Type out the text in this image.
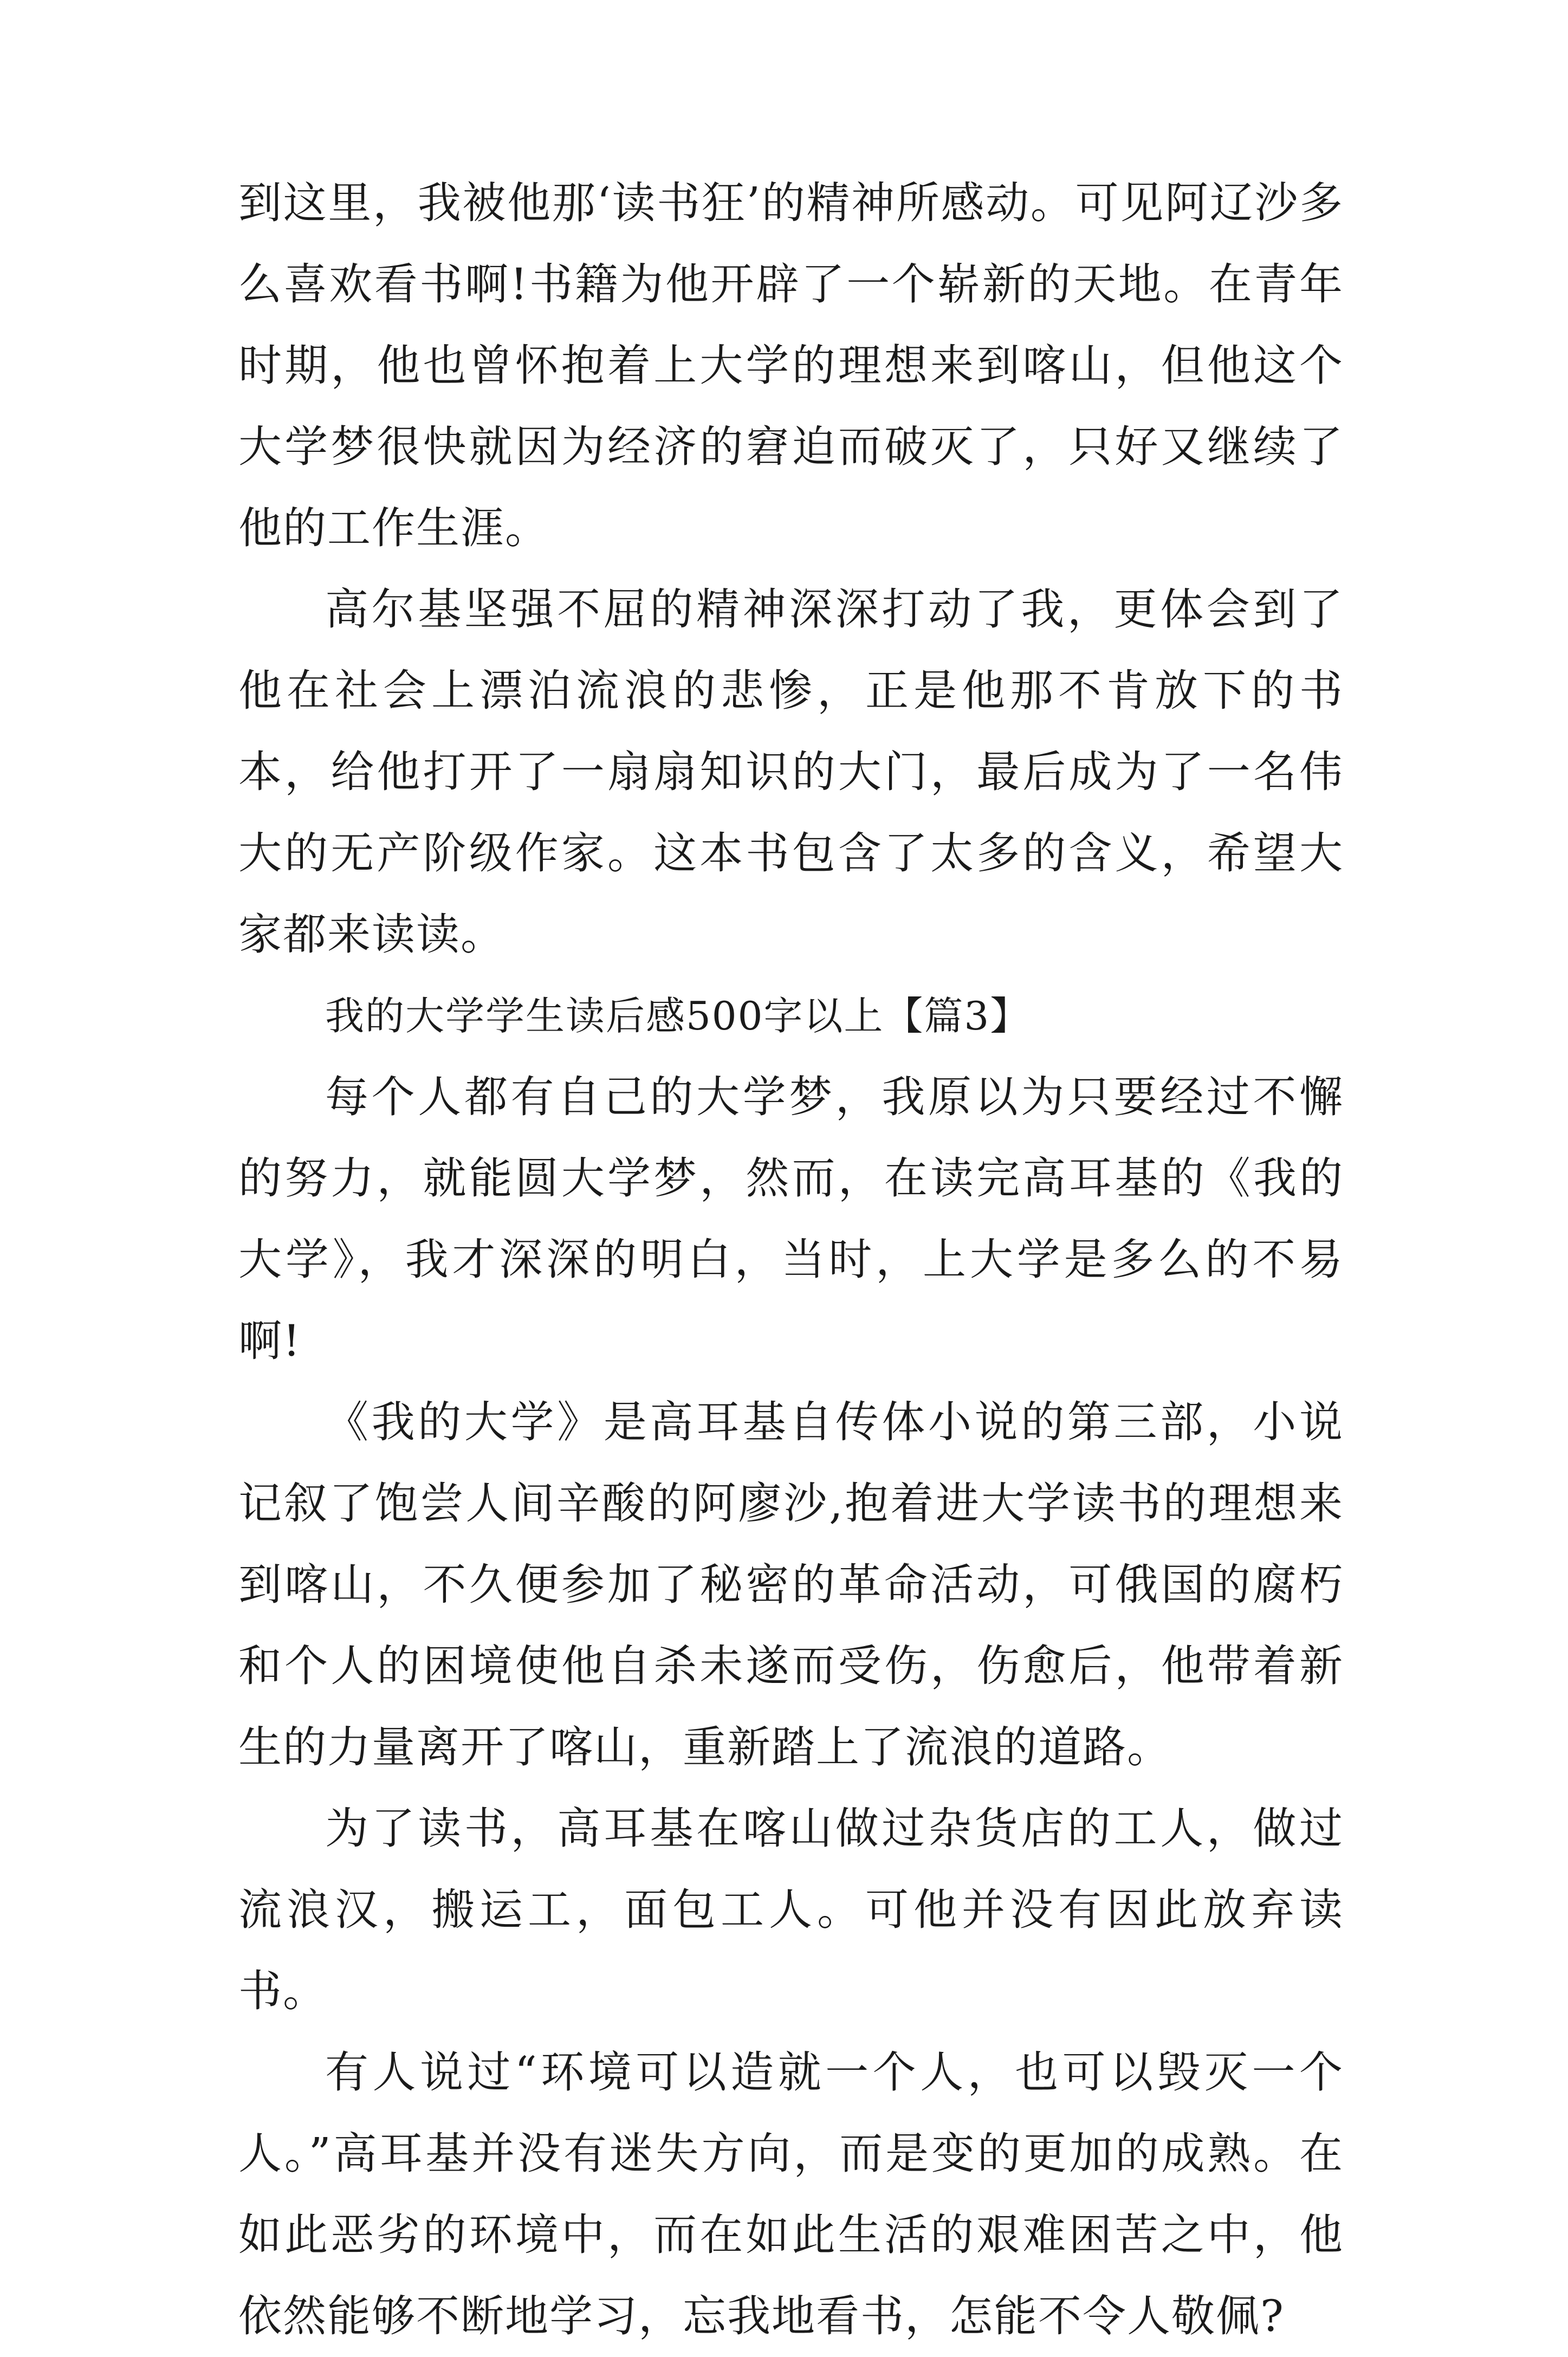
到这里，我被他那‘读书狂’的精神所感动。可见阿辽沙多么喜欢看书啊!书籍为他开辟了一个崭新的天地。在青年时期，他也曾怀抱着上大学的理想来到喀山，但他这个大学梦很快就因为经济的窘迫而破灭了，只好又继续了他的工作生涯。

高尔基坚强不屈的精神深深打动了我，更体会到了他在社会上漂泊流浪的悲惨，正是他那不肯放下的书本，给他打开了一扇扇知识的大门，最后成为了一名伟大的无产阶级作家。这本书包含了太多的含义，希望大家都来读读。

我的大学学生读后感500字以上【篇3】

每个人都有自己的大学梦，我原以为只要经过不懈的努力，就能圆大学梦，然而，在读完高耳基的《我的大学》，我才深深的明白，当时，上大学是多么的不易啊!

《我的大学》是高耳基自传体小说的第三部，小说记叙了饱尝人间辛酸的阿廖沙,抱着进大学读书的理想来到喀山，不久便参加了秘密的革命活动，可俄国的腐朽和个人的困境使他自杀未遂而受伤，伤愈后，他带着新生的力量离开了喀山，重新踏上了流浪的道路。

为了读书，高耳基在喀山做过杂货店的工人，做过流浪汉，搬运工，面包工人。可他并没有因此放弃读书。

有人说过“环境可以造就一个人，也可以毁灭一个人。”高耳基并没有迷失方向，而是变的更加的成熟。在如此恶劣的环境中，而在如此生活的艰难困苦之中，他依然能够不断地学习，忘我地看书，怎能不令人敬佩?
